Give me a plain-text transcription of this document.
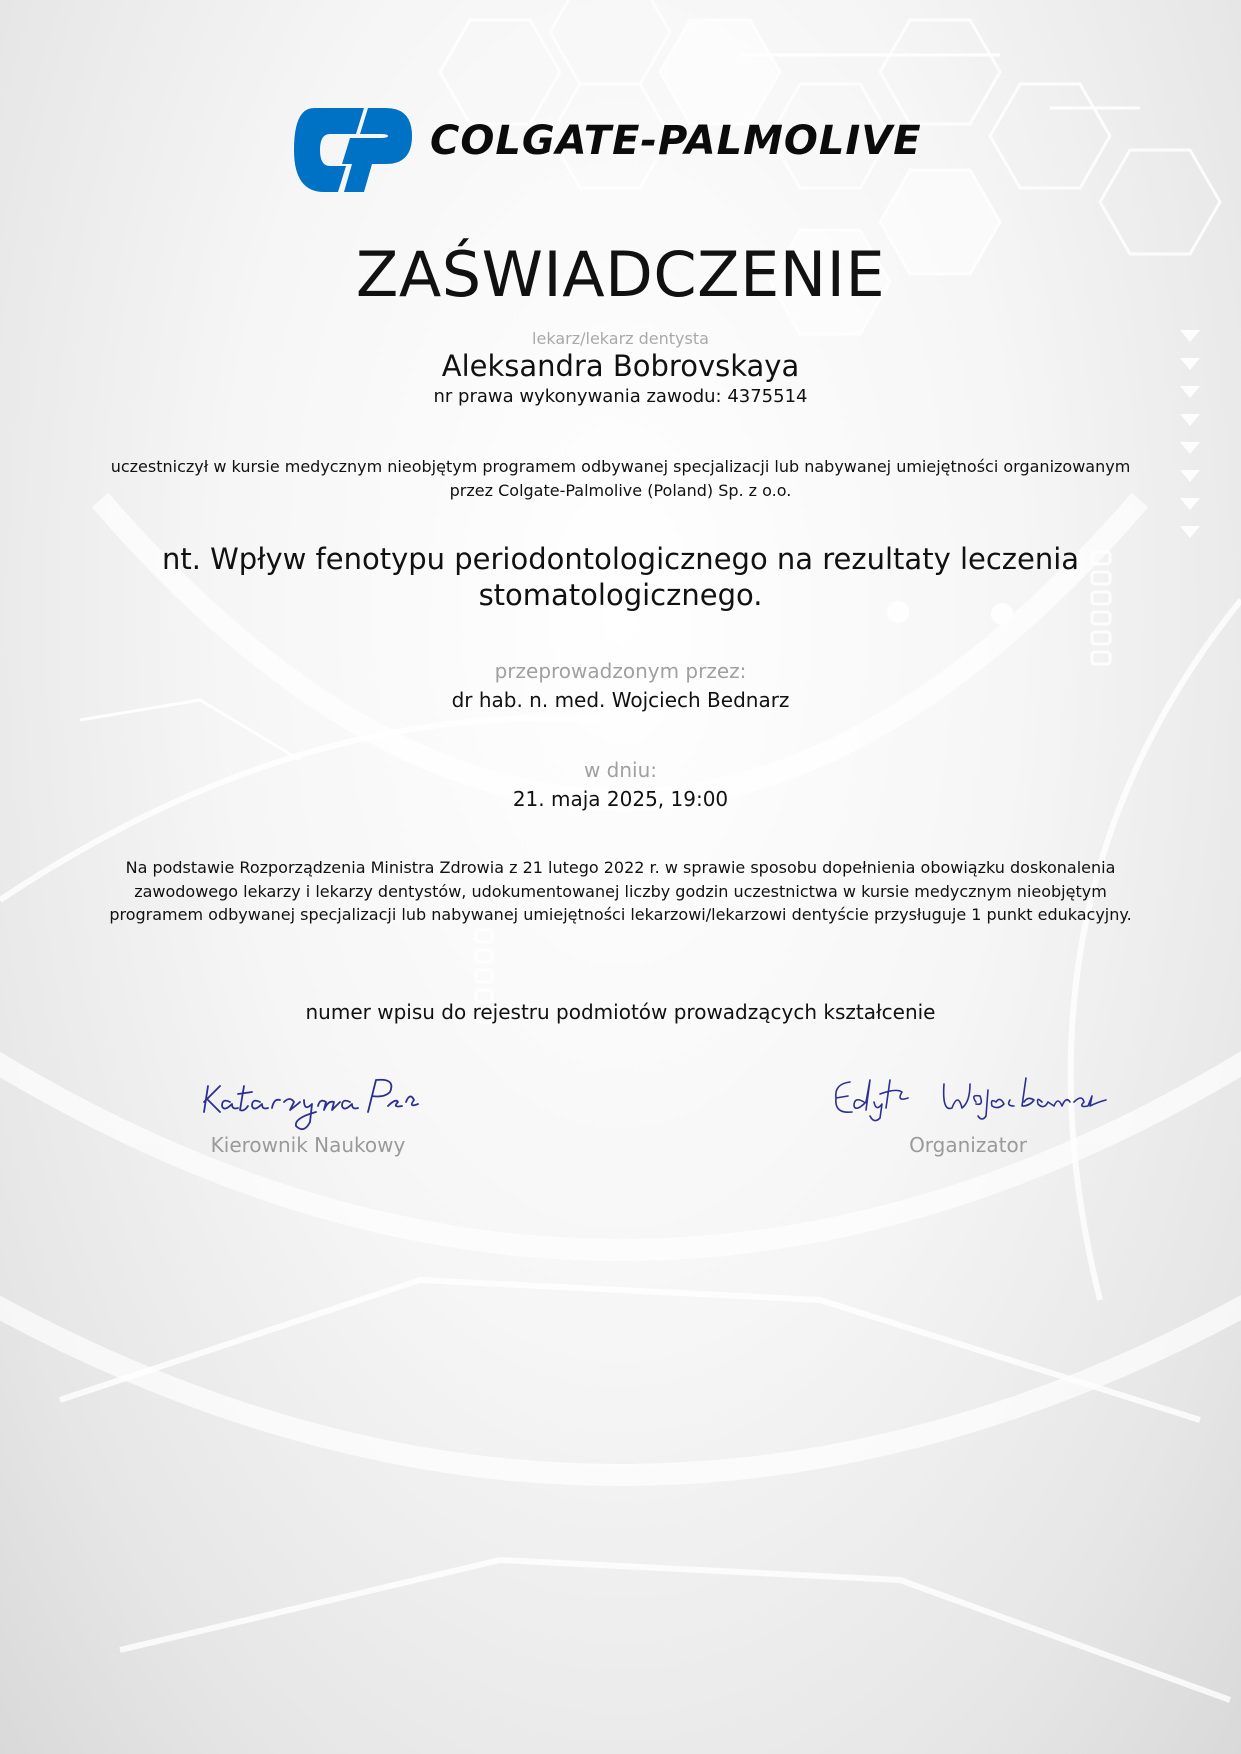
COLGATE-PALMOLIVE
ZAŚWIADCZENIE
lekarz/lekarz dentysta
Aleksandra Bobrovskaya
nr prawa wykonywania zawodu: 4375514
uczestniczył w kursie medycznym nieobjętym programem odbywanej specjalizacji lub nabywanej umiejętności organizowanym przez Colgate-Palmolive (Poland) Sp. z o.o.
nt. Wpływ fenotypu periodontologicznego na rezultaty leczenia stomatologicznego.
przeprowadzonym przez:
dr hab. n. med. Wojciech Bednarz
w dniu:
21. maja 2025, 19:00
Na podstawie Rozporządzenia Ministra Zdrowia z 21 lutego 2022 r. w sprawie sposobu dopełnienia obowiązku doskonalenia zawodowego lekarzy i lekarzy dentystów, udokumentowanej liczby godzin uczestnictwa w kursie medycznym nieobjętym programem odbywanej specjalizacji lub nabywanej umiejętności lekarzowi/lekarzowi dentyście przysługuje 1 punkt edukacyjny.
numer wpisu do rejestru podmiotów prowadzących kształcenie
Kierownik Naukowy	Organizator
